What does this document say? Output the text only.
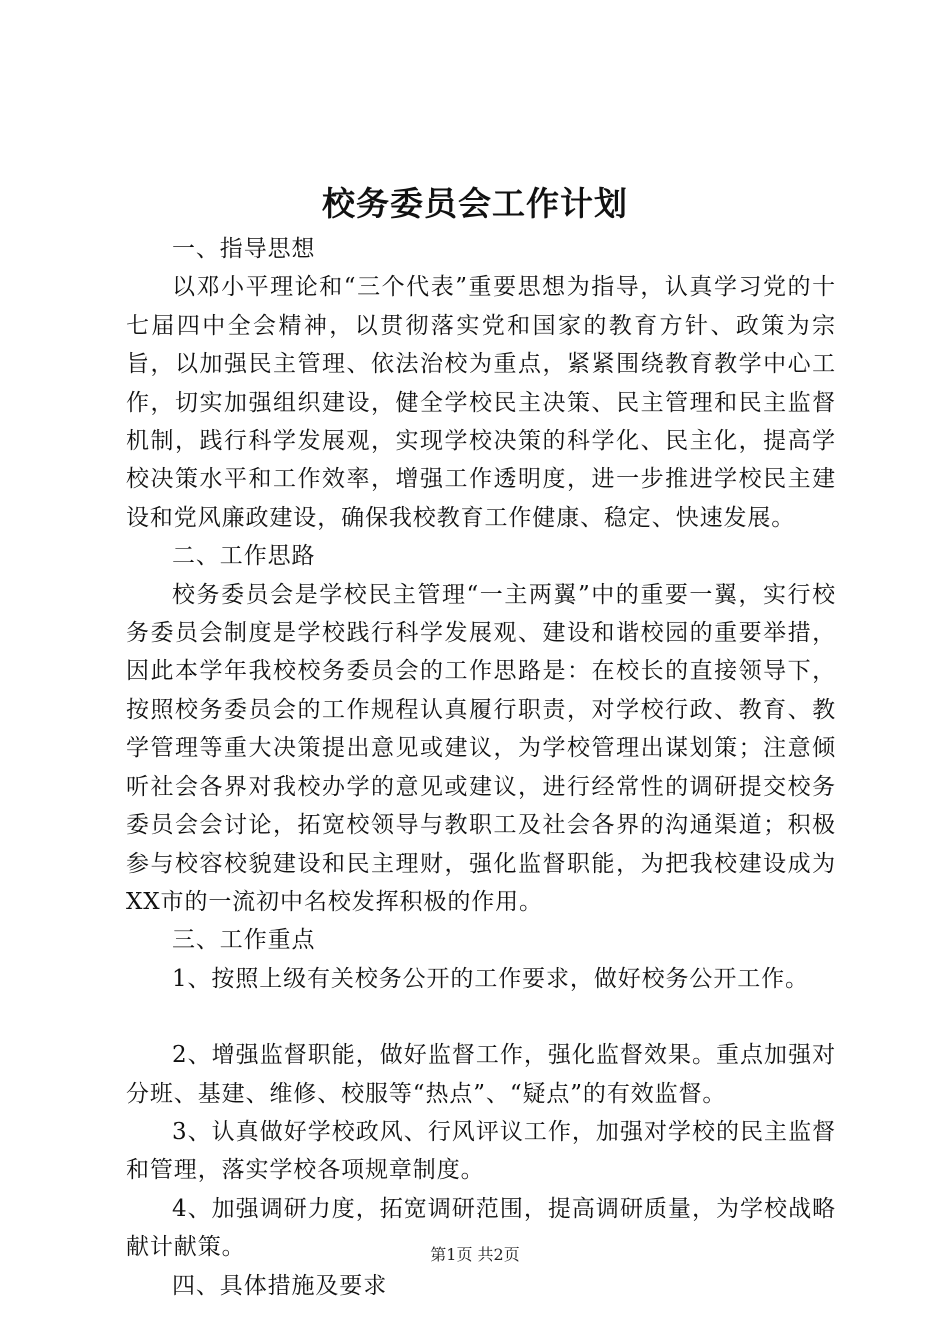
校务委员会工作计划

一、指导思想

以邓小平理论和“三个代表”重要思想为指导，认真学习党的十七届四中全会精神，以贯彻落实党和国家的教育方针、政策为宗旨，以加强民主管理、依法治校为重点，紧紧围绕教育教学中心工作，切实加强组织建设，健全学校民主决策、民主管理和民主监督机制，践行科学发展观，实现学校决策的科学化、民主化，提高学校决策水平和工作效率，增强工作透明度，进一步推进学校民主建设和党风廉政建设，确保我校教育工作健康、稳定、快速发展。

二、工作思路

校务委员会是学校民主管理“一主两翼”中的重要一翼，实行校务委员会制度是学校践行科学发展观、建设和谐校园的重要举措，因此本学年我校校务委员会的工作思路是：在校长的直接领导下，按照校务委员会的工作规程认真履行职责，对学校行政、教育、教学管理等重大决策提出意见或建议，为学校管理出谋划策；注意倾听社会各界对我校办学的意见或建议，进行经常性的调研提交校务委员会会讨论，拓宽校领导与教职工及社会各界的沟通渠道；积极参与校容校貌建设和民主理财，强化监督职能，为把我校建设成为XX市的一流初中名校发挥积极的作用。

三、工作重点

1、按照上级有关校务公开的工作要求，做好校务公开工作。

2、增强监督职能，做好监督工作，强化监督效果。重点加强对分班、基建、维修、校服等“热点”、“疑点”的有效监督。

3、认真做好学校政风、行风评议工作，加强对学校的民主监督和管理，落实学校各项规章制度。

4、加强调研力度，拓宽调研范围，提高调研质量，为学校战略献计献策。

四、具体措施及要求

第1页 共2页
